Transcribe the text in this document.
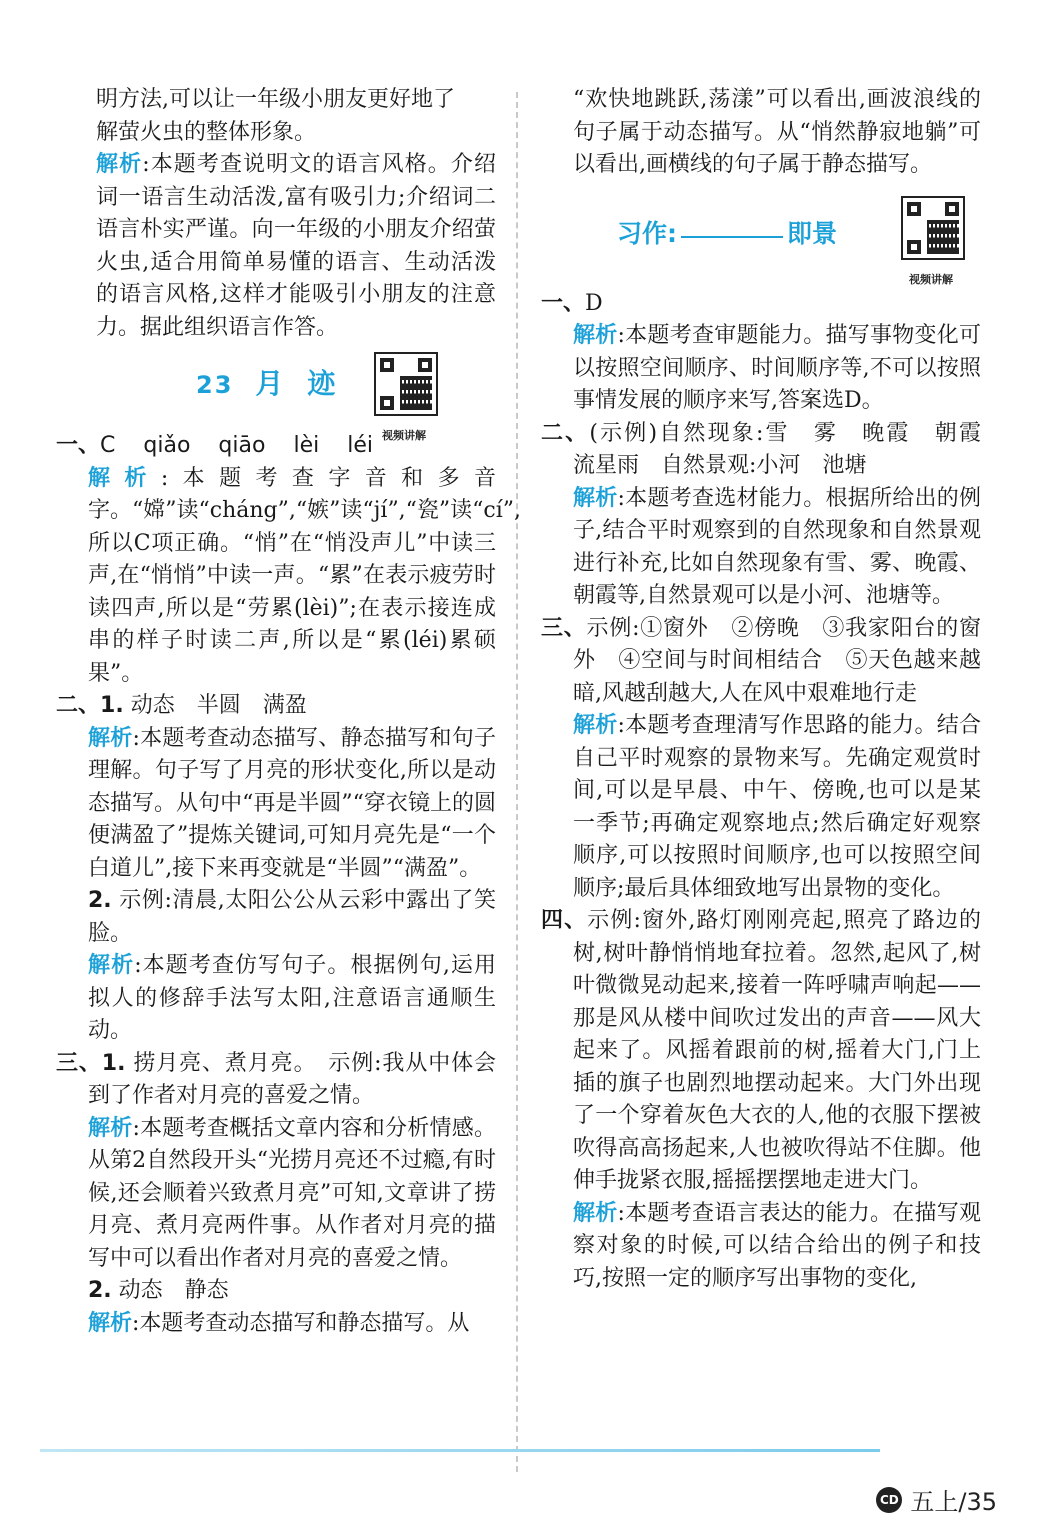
明方法,可以让一年级小朋友更好地了

解萤火虫的整体形象。

解析:本题考查说明文的语言风格。介绍词一语言生动活泼,富有吸引力;介绍词二语言朴实严谨。向一年级的小朋友介绍萤火虫,适合用简单易懂的语言、生动活泼的语言风格,这样才能吸引小朋友的注意力。据此组织语言作答。

23 月 迹
视频讲解

一、C qiǎo qiāo lèi léi

解析:本题考查字音和多音字。“嫦”读“cháng”,“嫉”读“jí”,“瓷”读“cí”,所以C项正确。“悄”在“悄没声儿”中读三声,在“悄悄”中读一声。“累”在表示疲劳时读四声,所以是“劳累(lèi)”;在表示接连成串的样子时读二声,所以是“累(léi)累硕果”。

二、1. 动态　半圆　满盈

解析:本题考查动态描写、静态描写和句子理解。句子写了月亮的形状变化,所以是动态描写。从句中“再是半圆”“穿衣镜上的圆便满盈了”提炼关键词,可知月亮先是“一个白道儿”,接下来再变就是“半圆”“满盈”。

2. 示例:清晨,太阳公公从云彩中露出了笑脸。

解析:本题考查仿写句子。根据例句,运用拟人的修辞手法写太阳,注意语言通顺生动。

三、1. 捞月亮、煮月亮。　示例:我从中体会到了作者对月亮的喜爱之情。

解析:本题考查概括文章内容和分析情感。从第2自然段开头“光捞月亮还不过瘾,有时候,还会顺着兴致煮月亮”可知,文章讲了捞月亮、煮月亮两件事。从作者对月亮的描写中可以看出作者对月亮的喜爱之情。

2. 动态　静态

解析:本题考查动态描写和静态描写。从

“欢快地跳跃,荡漾”可以看出,画波浪线的句子属于动态描写。从“悄然静寂地躺”可以看出,画横线的句子属于静态描写。

习作:	即景
视频讲解

一、D

解析:本题考查审题能力。描写事物变化可以按照空间顺序、时间顺序等,不可以按照事情发展的顺序来写,答案选D。

二、(示例)自然现象:雪　雾　晚霞　朝霞　流星雨　自然景观:小河　池塘

解析:本题考查选材能力。根据所给出的例子,结合平时观察到的自然现象和自然景观进行补充,比如自然现象有雪、雾、晚霞、朝霞等,自然景观可以是小河、池塘等。

三、示例:①窗外　②傍晚　③我家阳台的窗外　④空间与时间相结合　⑤天色越来越暗,风越刮越大,人在风中艰难地行走

解析:本题考查理清写作思路的能力。结合自己平时观察的景物来写。先确定观赏时间,可以是早晨、中午、傍晚,也可以是某一季节;再确定观察地点;然后确定好观察顺序,可以按照时间顺序,也可以按照空间顺序;最后具体细致地写出景物的变化。

四、示例:窗外,路灯刚刚亮起,照亮了路边的树,树叶静悄悄地耷拉着。忽然,起风了,树叶微微晃动起来,接着一阵呼啸声响起——那是风从楼中间吹过发出的声音——风大起来了。风摇着跟前的树,摇着大门,门上插的旗子也剧烈地摆动起来。大门外出现了一个穿着灰色大衣的人,他的衣服下摆被吹得高高扬起来,人也被吹得站不住脚。他伸手拢紧衣服,摇摇摆摆地走进大门。

解析:本题考查语言表达的能力。在描写观察对象的时候,可以结合给出的例子和技巧,按照一定的顺序写出事物的变化,

CD 五上/35
